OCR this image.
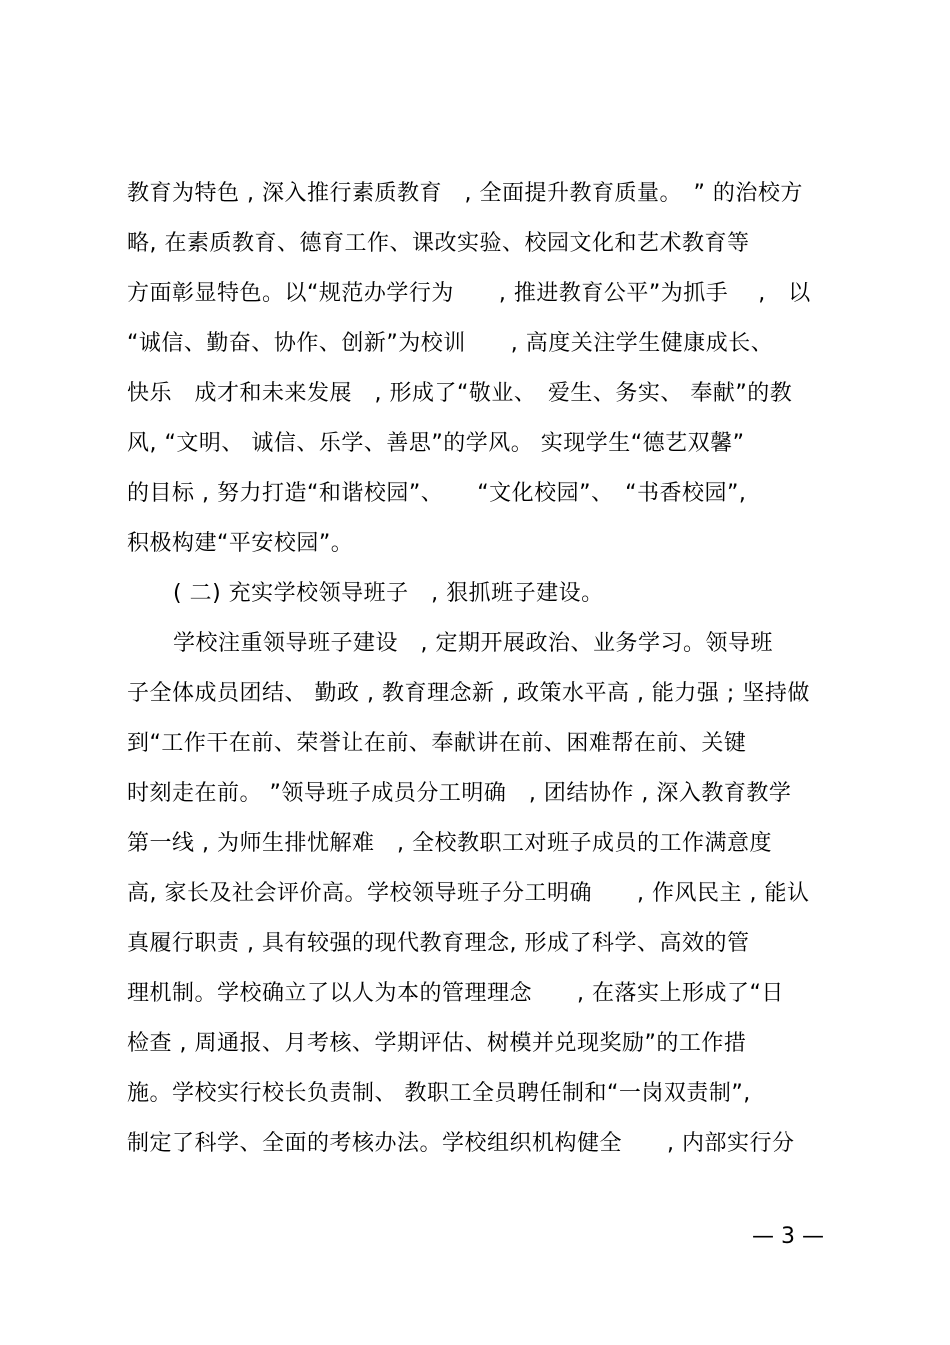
教育为特色 , 深入推行素质教育　, 全面提升教育质量。　” 的治校方
略, 在素质教育、德育工作、课改实验、校园文化和艺术教育等
方面彰显特色。以“规范办学行为　　, 推进教育公平”为抓手　 ,　以
“诚信、勤奋、协作、创新”为校训　　, 高度关注学生健康成长、
快乐　成才和未来发展　, 形成了“敬业、　爱生、务实、 奉献”的教
风, “文明、 诚信、乐学、善思”的学风。 实现学生“德艺双馨”
的目标 , 努力打造“和谐校园”、　　“文化校园”、　“书香校园”,
积极构建“平安校园”。
( 二) 充实学校领导班子　, 狠抓班子建设。
学校注重领导班子建设　, 定期开展政治、业务学习。领导班
子全体成员团结、 勤政 , 教育理念新 , 政策水平高 , 能力强 ; 坚持做
到“工作干在前、荣誉让在前、奉献讲在前、困难帮在前、关键
时刻走在前。 ”领导班子成员分工明确　, 团结协作 , 深入教育教学
第一线 , 为师生排忧解难　, 全校教职工对班子成员的工作满意度
高, 家长及社会评价高。学校领导班子分工明确　　, 作风民主 , 能认
真履行职责 , 具有较强的现代教育理念, 形成了科学、高效的管
理机制。学校确立了以人为本的管理理念　　, 在落实上形成了“日
检查 , 周通报、月考核、学期评估、树模并兑现奖励”的工作措
施。学校实行校长负责制、 教职工全员聘任制和“一岗双责制”,
制定了科学、全面的考核办法。学校组织机构健全　　, 内部实行分
— 3 —
